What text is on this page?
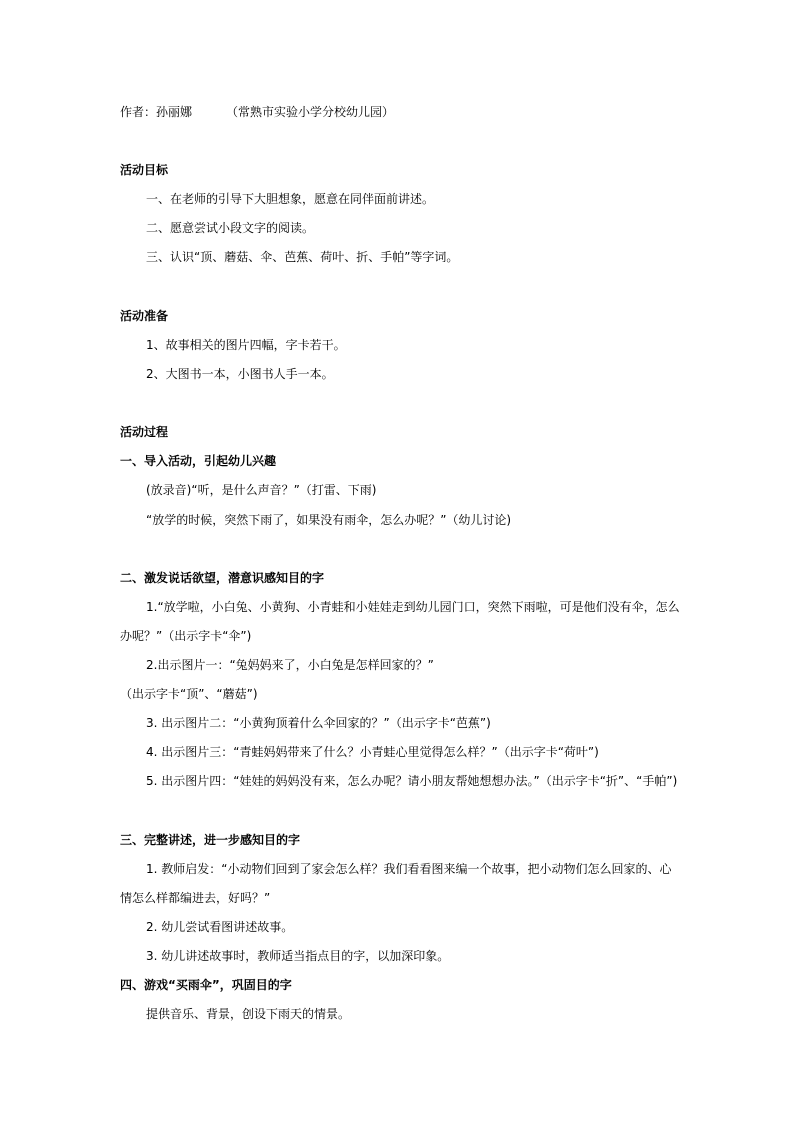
作者：孙丽娜	（常熟市实验小学分校幼儿园）
活动目标
一、在老师的引导下大胆想象，愿意在同伴面前讲述。
二、愿意尝试小段文字的阅读。
三、认识“顶、蘑菇、伞、芭蕉、荷叶、折、手帕”等字词。
活动准备
1、故事相关的图片四幅，字卡若干。
2、大图书一本，小图书人手一本。
活动过程
一、导入活动，引起幼儿兴趣
(放录音)“听，是什么声音？”（打雷、下雨)
“放学的时候，突然下雨了，如果没有雨伞，怎么办呢？”（幼儿讨论)
二、激发说话欲望，潜意识感知目的字
1.“放学啦，小白兔、小黄狗、小青蛙和小娃娃走到幼儿园门口，突然下雨啦，可是他们没有伞，怎么
办呢？”（出示字卡“伞”)
2.出示图片一：“兔妈妈来了，小白兔是怎样回家的？”
（出示字卡“顶”、“蘑菇”)
3. 出示图片二：“小黄狗顶着什么伞回家的？”（出示字卡“芭蕉”)
4. 出示图片三：“青蛙妈妈带来了什么？小青蛙心里觉得怎么样？”（出示字卡“荷叶”)
5. 出示图片四：“娃娃的妈妈没有来，怎么办呢？请小朋友帮她想想办法。”（出示字卡“折”、“手帕”)
三、完整讲述，进一步感知目的字
1. 教师启发：“小动物们回到了家会怎么样？我们看看图来编一个故事，把小动物们怎么回家的、心
情怎么样都编进去，好吗？”
2. 幼儿尝试看图讲述故事。
3. 幼儿讲述故事时，教师适当指点目的字，以加深印象。
四、游戏“买雨伞”，巩固目的字
提供音乐、背景，创设下雨天的情景。
